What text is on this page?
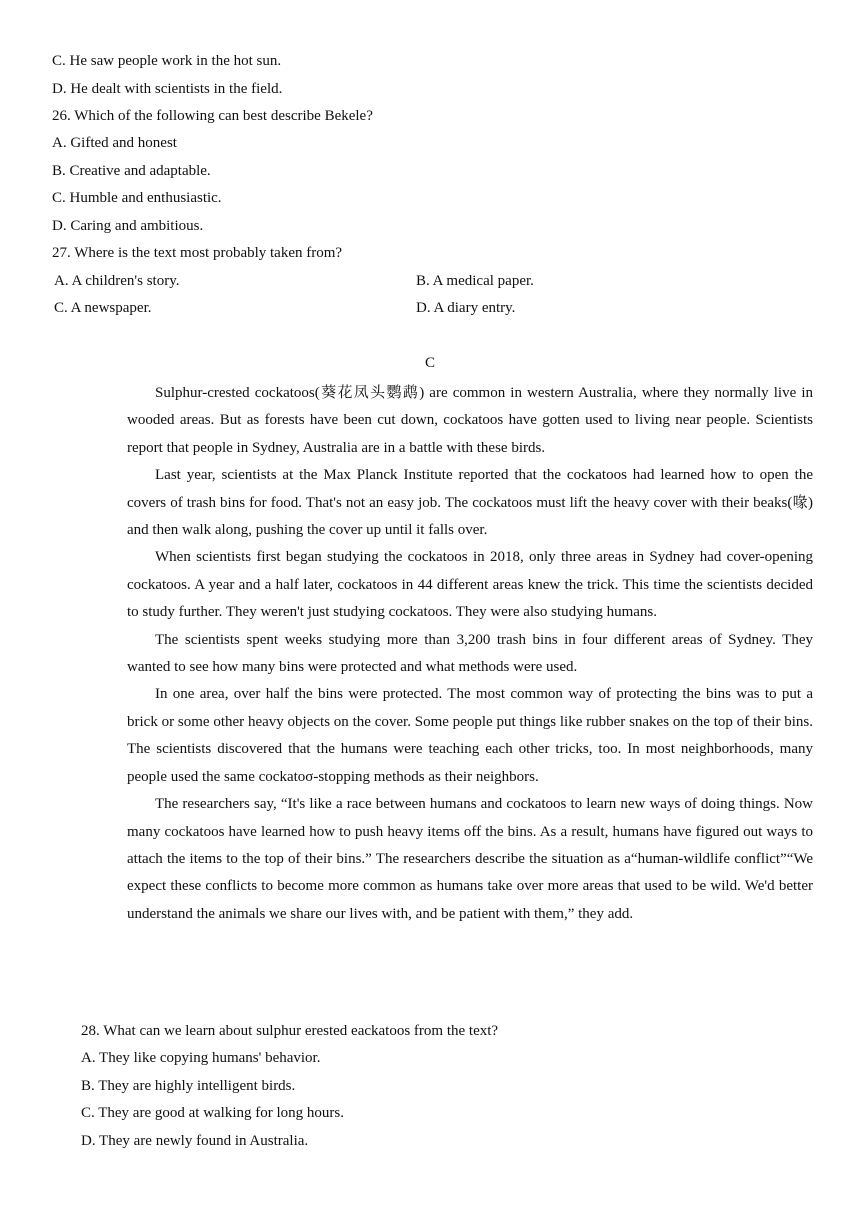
C. He saw people work in the hot sun.
D. He dealt with scientists in the field.
26. Which of the following can best describe Bekele?
A. Gifted and honest
B. Creative and adaptable.
C. Humble and enthusiastic.
D. Caring and ambitious.
27. Where is the text most probably taken from?
A. A children's story.	B. A medical paper.
C. A newspaper.	D. A diary entry.
C

Sulphur-crested cockatoos(葵花凤头鹦鹉) are common in western Australia, where they normally live in wooded areas. But as forests have been cut down, cockatoos have gotten used to living near people. Scientists report that people in Sydney, Australia are in a battle with these birds.

Last year, scientists at the Max Planck Institute reported that the cockatoos had learned how to open the covers of trash bins for food. That's not an easy job. The cockatoos must lift the heavy cover with their beaks(喙) and then walk along, pushing the cover up until it falls over.

When scientists first began studying the cockatoos in 2018, only three areas in Sydney had cover-opening cockatoos. A year and a half later, cockatoos in 44 different areas knew the trick. This time the scientists decided to study further. They weren't just studying cockatoos. They were also studying humans.

The scientists spent weeks studying more than 3,200 trash bins in four different areas of Sydney. They wanted to see how many bins were protected and what methods were used.

In one area, over half the bins were protected. The most common way of protecting the bins was to put a brick or some other heavy objects on the cover. Some people put things like rubber snakes on the top of their bins. The scientists discovered that the humans were teaching each other tricks, too. In most neighborhoods, many people used the same cockatoσ-stopping methods as their neighbors.

The researchers say, “It's like a race between humans and cockatoos to learn new ways of doing things. Now many cockatoos have learned how to push heavy items off the bins. As a result, humans have figured out ways to attach the items to the top of their bins.” The researchers describe the situation as a“human-wildlife conflict”“We expect these conflicts to become more common as humans take over more areas that used to be wild. We'd better understand the animals we share our lives with, and be patient with them,” they add.

28. What can we learn about sulphur erested eackatoos from the text?
A. They like copying humans' behavior.
B. They are highly intelligent birds.
C. They are good at walking for long hours.
D. They are newly found in Australia.
